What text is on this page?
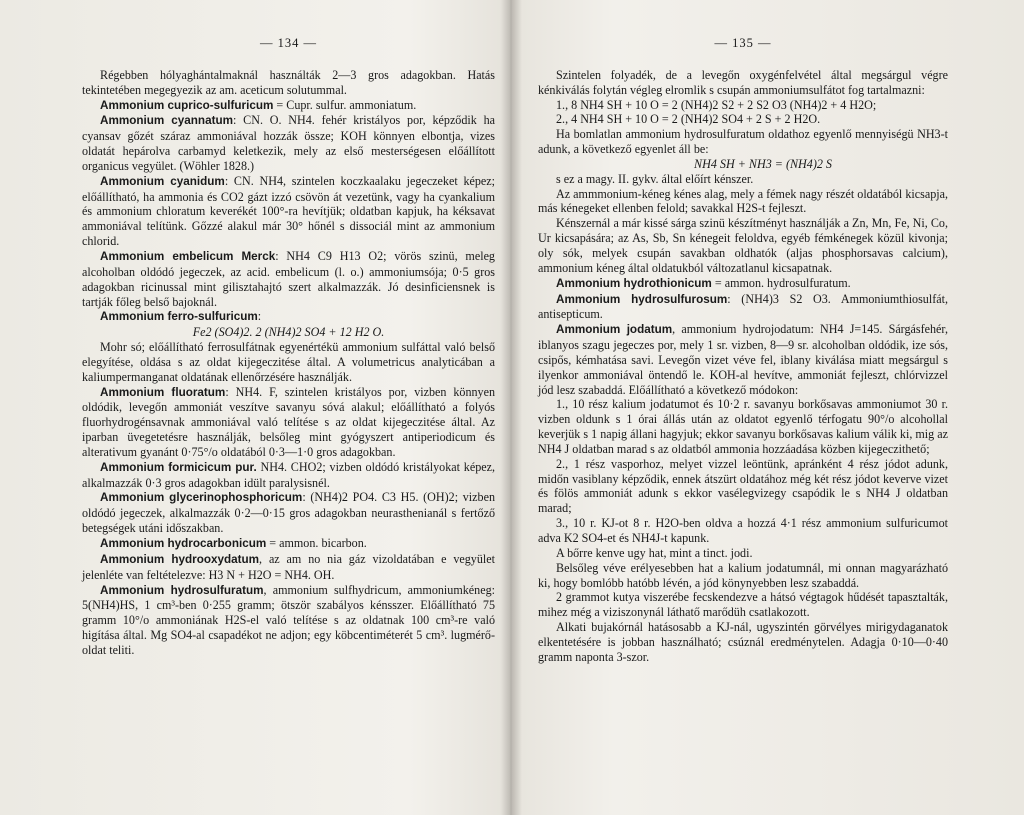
— 134 —

Régebben hólyaghántalmaknál használták 2—3 gros adagokban. Hatás tekintetében megegyezik az am. aceticum solutummal.

Ammonium cuprico-sulfuricum = Cupr. sulfur. ammoniatum.

Ammonium cyannatum: CN. O. NH4. fehér kristályos por, képződik ha cyansav gőzét száraz ammoniával hozzák össze; KOH könnyen elbontja, vizes oldatát hepárolva carbamyd keletkezik, mely az első mesterségesen előállított organicus vegyület. (Wöhler 1828.)

Ammonium cyanidum: CN. NH4, szintelen koczkaalaku jegeczeket képez; előállítható, ha ammonia és CO2 gázt izzó csövön át vezetünk, vagy ha cyankalium és ammonium chloratum keverékét 100°-ra hevítjük; oldatban kapjuk, ha kéksavat ammoniával telítünk. Gőzzé alakul már 30° hőnél s dissociál mint az ammonium chlorid.

Ammonium embelicum Merck: NH4 C9 H13 O2; vörös szinü, meleg alcoholban oldódó jegeczek, az acid. embelicum (l. o.) ammoniumsója; 0·5 gros adagokban ricinussal mint gilisztahajtó szert alkalmazzák. Jó desinficiensnek is tartják főleg belső bajoknál.

Ammonium ferro-sulfuricum:

Fe2 (SO4)2. 2 (NH4)2 SO4 + 12 H2 O.

Mohr só; előállítható ferrosulfátnak egyenértékü ammonium sulfáttal való belső elegyítése, oldása s az oldat kijegeczitése által. A volumetricus analyticában a kaliumpermanganat oldatának ellenőrzésére használják.

Ammonium fluoratum: NH4. F, szintelen kristályos por, vizben könnyen oldódik, levegőn ammoniát veszítve savanyu sóvá alakul; előállítható a folyós fluorhydrogénsavnak ammoniával való telítése s az oldat kijegeczitése által. Az iparban üvegetetésre használják, belsőleg mint gyógyszert antiperiodicum és alterativum gyanánt 0·75°/o oldatából 0·3—1·0 gros adagokban.

Ammonium formicicum pur. NH4. CHO2; vizben oldódó kristályokat képez, alkalmazzák 0·3 gros adagokban idült paralysisnél.

Ammonium glycerinophosphoricum: (NH4)2 PO4. C3 H5. (OH)2; vizben oldódó jegeczek, alkalmazzák 0·2—0·15 gros adagokban neurasthenianál s fertőző betegségek utáni időszakban.

Ammonium hydrocarbonicum = ammon. bicarbon.

Ammonium hydrooxydatum, az am no nia gáz vizoldatában e vegyület jelenléte van feltételezve: H3 N + H2O = NH4. OH.

Ammonium hydrosulfuratum, ammonium sulfhydricum, ammoniumkéneg: 5(NH4)HS, 1 cm³-ben 0·255 gramm; ötször szabályos kénsszer. Előállítható 75 gramm 10°/o ammoniának H2S-el való telítése s az oldatnak 100 cm³-re való higítása által. Mg SO4-al csapadékot ne adjon; egy köbcentiméterét 5 cm³. lugmérő-oldat teliti.

— 135 —

Szintelen folyadék, de a levegőn oxygénfelvétel által megsárgul végre kénkiválás folytán végleg elromlik s csupán ammoniumsulfátot fog tartalmazni:

1., 8 NH4 SH + 10 O = 2 (NH4)2 S2 + 2 S2 O3 (NH4)2 + 4 H2O;

2., 4 NH4 SH + 10 O = 2 (NH4)2 SO4 + 2 S + 2 H2O.

Ha bomlatlan ammonium hydrosulfuratum oldathoz egyenlő mennyiségü NH3-t adunk, a következő egyenlet áll be:

NH4 SH + NH3 = (NH4)2 S

s ez a magy. II. gykv. által előírt kénszer.

Az ammmonium-kéneg kénes alag, mely a fémek nagy részét oldatából kicsapja, más kénegeket ellenben felold; savakkal H2S-t fejleszt.

Kénszernál a már kissé sárga szinü készítményt használják a Zn, Mn, Fe, Ni, Co, Ur kicsapására; az As, Sb, Sn kénegeit feloldva, egyéb fémkénegek közül kivonja; oly sók, melyek csupán savakban oldhatók (aljas phosphorsavas calcium), ammonium kéneg által oldatukból változatlanul kicsapatnak.

Ammonium hydrothionicum = ammon. hydrosulfuratum.

Ammonium hydrosulfurosum: (NH4)3 S2 O3. Ammoniumthiosulfát, antisepticum.

Ammonium jodatum, ammonium hydrojodatum: NH4 J=145. Sárgásfehér, iblanyos szagu jegeczes por, mely 1 sr. vizben, 8—9 sr. alcoholban oldódik, ize sós, csipős, kémhatása savi. Levegőn vizet véve fel, iblany kiválása miatt megsárgul s ilyenkor ammoniával öntendő le. KOH-al hevítve, ammoniát fejleszt, chlórvizzel jód lesz szabaddá. Előállítható a következő módokon:

1., 10 rész kalium jodatumot és 10·2 r. savanyu borkősavas ammoniumot 30 r. vizben oldunk s 1 órai állás után az oldatot egyenlő térfogatu 90°/o alcohollal keverjük s 1 napig állani hagyjuk; ekkor savanyu borkősavas kalium válik ki, mig az NH4 J oldatban marad s az oldatból ammonia hozzáadása közben kijegeczithető;

2., 1 rész vasporhoz, melyet vizzel leöntünk, apránként 4 rész jódot adunk, midőn vasiblany képződik, ennek átszürt oldatához még két rész jódot keverve vizet és fölös ammoniát adunk s ekkor vasélegvizegy csapódik le s NH4 J oldatban marad;

3., 10 r. KJ-ot 8 r. H2O-ben oldva a hozzá 4·1 rész ammonium sulfuricumot adva K2 SO4-et és NH4J-t kapunk.

A bőrre kenve ugy hat, mint a tinct. jodi.

Belsőleg véve erélyesebben hat a kalium jodatumnál, mi onnan magyarázható ki, hogy bomlóbb hatóbb lévén, a jód könynyebben lesz szabaddá.

2 grammot kutya viszerébe fecskendezve a hátsó végtagok hűdését tapasztalták, mihez még a viziszonynál láthatő marődüh csatlakozott.

Alkati bujakórnál hatásosabb a KJ-nál, ugyszintén görvélyes mirigydaganatok elkentetésére is jobban használható; csúznál eredménytelen. Adagja 0·10—0·40 gramm naponta 3-szor.
